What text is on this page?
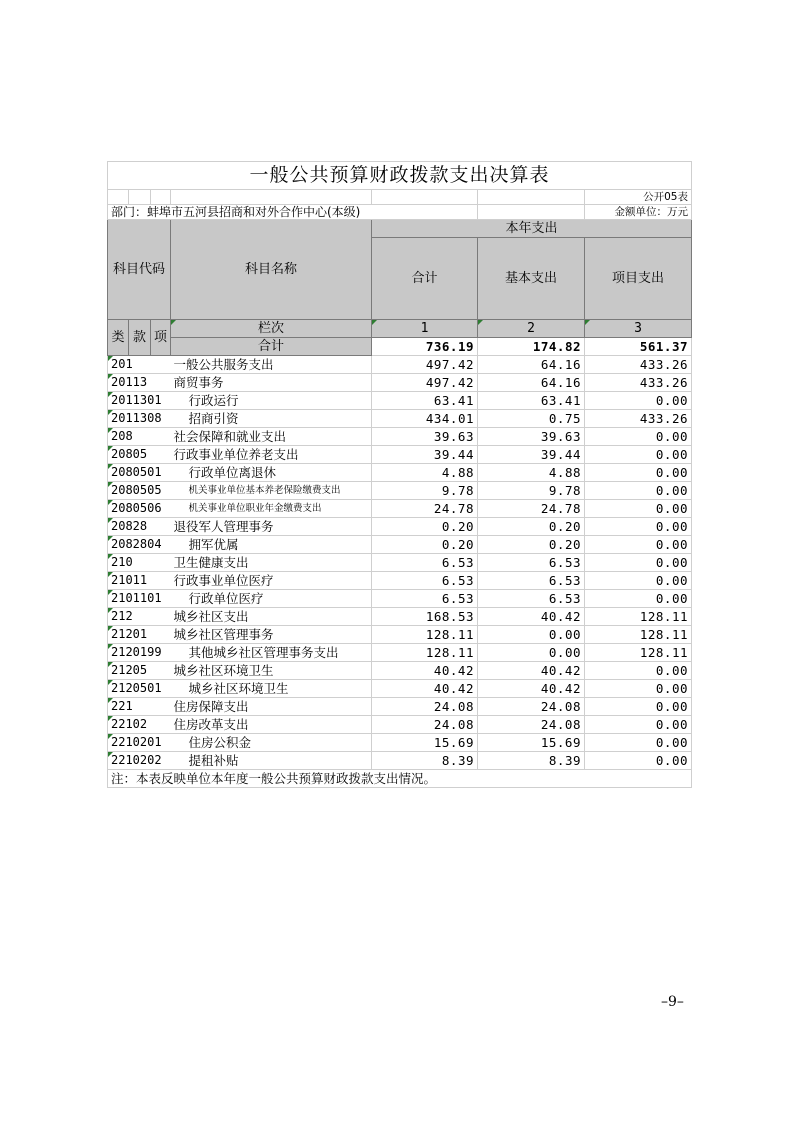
一般公共预算财政拨款支出决算表						
						公开05表
部门：蚌埠市五河县招商和对外合作中心(本级)						金额单位：万元
科目代码			科目名称	本年支出		
				合计	基本支出	项目支出
类	款	项	栏次	1	2	3
			合计	736.19	174.82	561.37
201			一般公共服务支出	497.42	64.16	433.26
20113			商贸事务	497.42	64.16	433.26
2011301			行政运行	63.41	63.41	0.00
2011308			招商引资	434.01	0.75	433.26
208			社会保障和就业支出	39.63	39.63	0.00
20805			行政事业单位养老支出	39.44	39.44	0.00
2080501			行政单位离退休	4.88	4.88	0.00
2080505			机关事业单位基本养老保险缴费支出	9.78	9.78	0.00
2080506			机关事业单位职业年金缴费支出	24.78	24.78	0.00
20828			退役军人管理事务	0.20	0.20	0.00
2082804			拥军优属	0.20	0.20	0.00
210			卫生健康支出	6.53	6.53	0.00
21011			行政事业单位医疗	6.53	6.53	0.00
2101101			行政单位医疗	6.53	6.53	0.00
212			城乡社区支出	168.53	40.42	128.11
21201			城乡社区管理事务	128.11	0.00	128.11
2120199			其他城乡社区管理事务支出	128.11	0.00	128.11
21205			城乡社区环境卫生	40.42	40.42	0.00
2120501			城乡社区环境卫生	40.42	40.42	0.00
221			住房保障支出	24.08	24.08	0.00
22102			住房改革支出	24.08	24.08	0.00
2210201			住房公积金	15.69	15.69	0.00
2210202			提租补贴	8.39	8.39	0.00
注：本表反映单位本年度一般公共预算财政拨款支出情况。						
–9–
